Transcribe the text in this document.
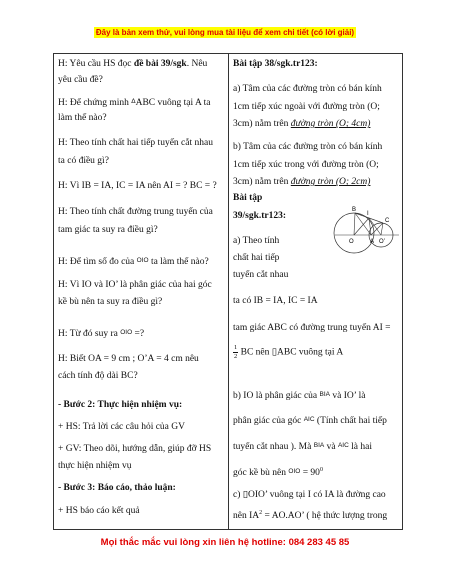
Đây là bản xem thử, vui lòng mua tài liệu để xem chi tiết (có lời giải)
H: Yêu cầu HS đọc đề bài 39/sgk. Nêu
yêu cầu đề?
H: Để chứng minh $^\Delta$ABC vuông tại A ta
làm thế nào?
H: Theo tính chất hai tiếp tuyến cắt nhau
ta có điều gì?
H: Vì IB = IA, IC = IA nên AI = ? BC = ?
H: Theo tính chất đường trung tuyến của
tam giác ta suy ra điều gì?
H: Để tìm số đo của $^{OIO}$ ta làm thế nào?
H: Vì IO và IO’ là phân giác của hai góc
kề bù nên ta suy ra điều gì?
H: Từ đó suy ra $^{OIO}$ =?
H: Biết OA = 9 cm ; O’A = 4 cm nêu
cách tính độ dài BC?
- Bước 2: Thực hiện nhiệm vụ:
+ HS: Trả lời các câu hỏi của GV
+ GV: Theo dõi, hướng dẫn, giúp đỡ HS
thực hiện nhiệm vụ
- Bước 3: Báo cáo, thảo luận:
+ HS báo cáo kết quả

Bài tập 38/sgk.tr123:
a) Tâm của các đường tròn có bán kính
1cm tiếp xúc ngoài với đường tròn (O;
3cm) nằm trên đường tròn (O; 4cm)
b) Tâm của các đường tròn có bán kính
1cm tiếp xúc trong với đường tròn (O;
3cm) nằm trên đường tròn (O; 2cm)
Bài tập
39/sgk.tr123:
a) Theo tính
chất hai tiếp
tuyến cắt nhau
ta có IB = IA, IC = IA
tam giác ABC có đường trung tuyến AI =
$\frac{1}{2}$ BC nên ▯ABC vuông tại A
b) IO là phân giác của $^{BIA}$ và IO’ là
phân giác của góc $^{AIC}$ (Tính chất hai tiếp
tuyến cắt nhau ). Mà $^{BIA}$ và $^{AIC}$ là hai
góc kề bù nên $^{OIO} = 90^0$
c) ▯OIO’ vuông tại I có IA là đường cao
nên $IA^2 = AO.AO$’ ( hệ thức lượng trong
B
I
C
O	A O’
Mọi thắc mắc vui lòng xin liên hệ hotline: 084 283 45 85
